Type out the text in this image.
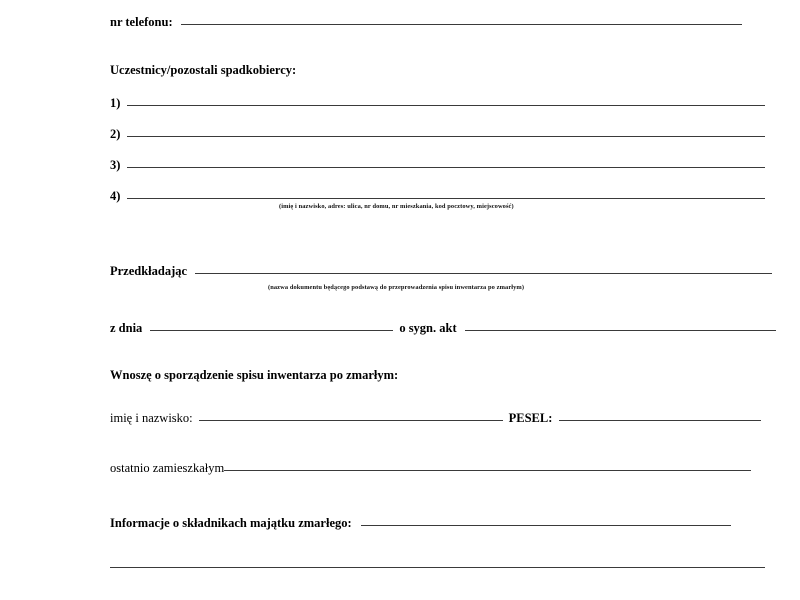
nr telefonu:
Uczestnicy/pozostali spadkobiercy:
1)
2)
3)
4)
(imię i nazwisko, adres: ulica, nr domu, nr mieszkania, kod pocztowy, miejscowość)
Przedkładając
(nazwa dokumentu będącego podstawą do przeprowadzenia spisu inwentarza po zmarłym)
z dnia	o sygn. akt
Wnoszę o sporządzenie spisu inwentarza po zmarłym:
imię i nazwisko:	PESEL:
ostatnio zamieszkałym
Informacje o składnikach majątku zmarłego:
